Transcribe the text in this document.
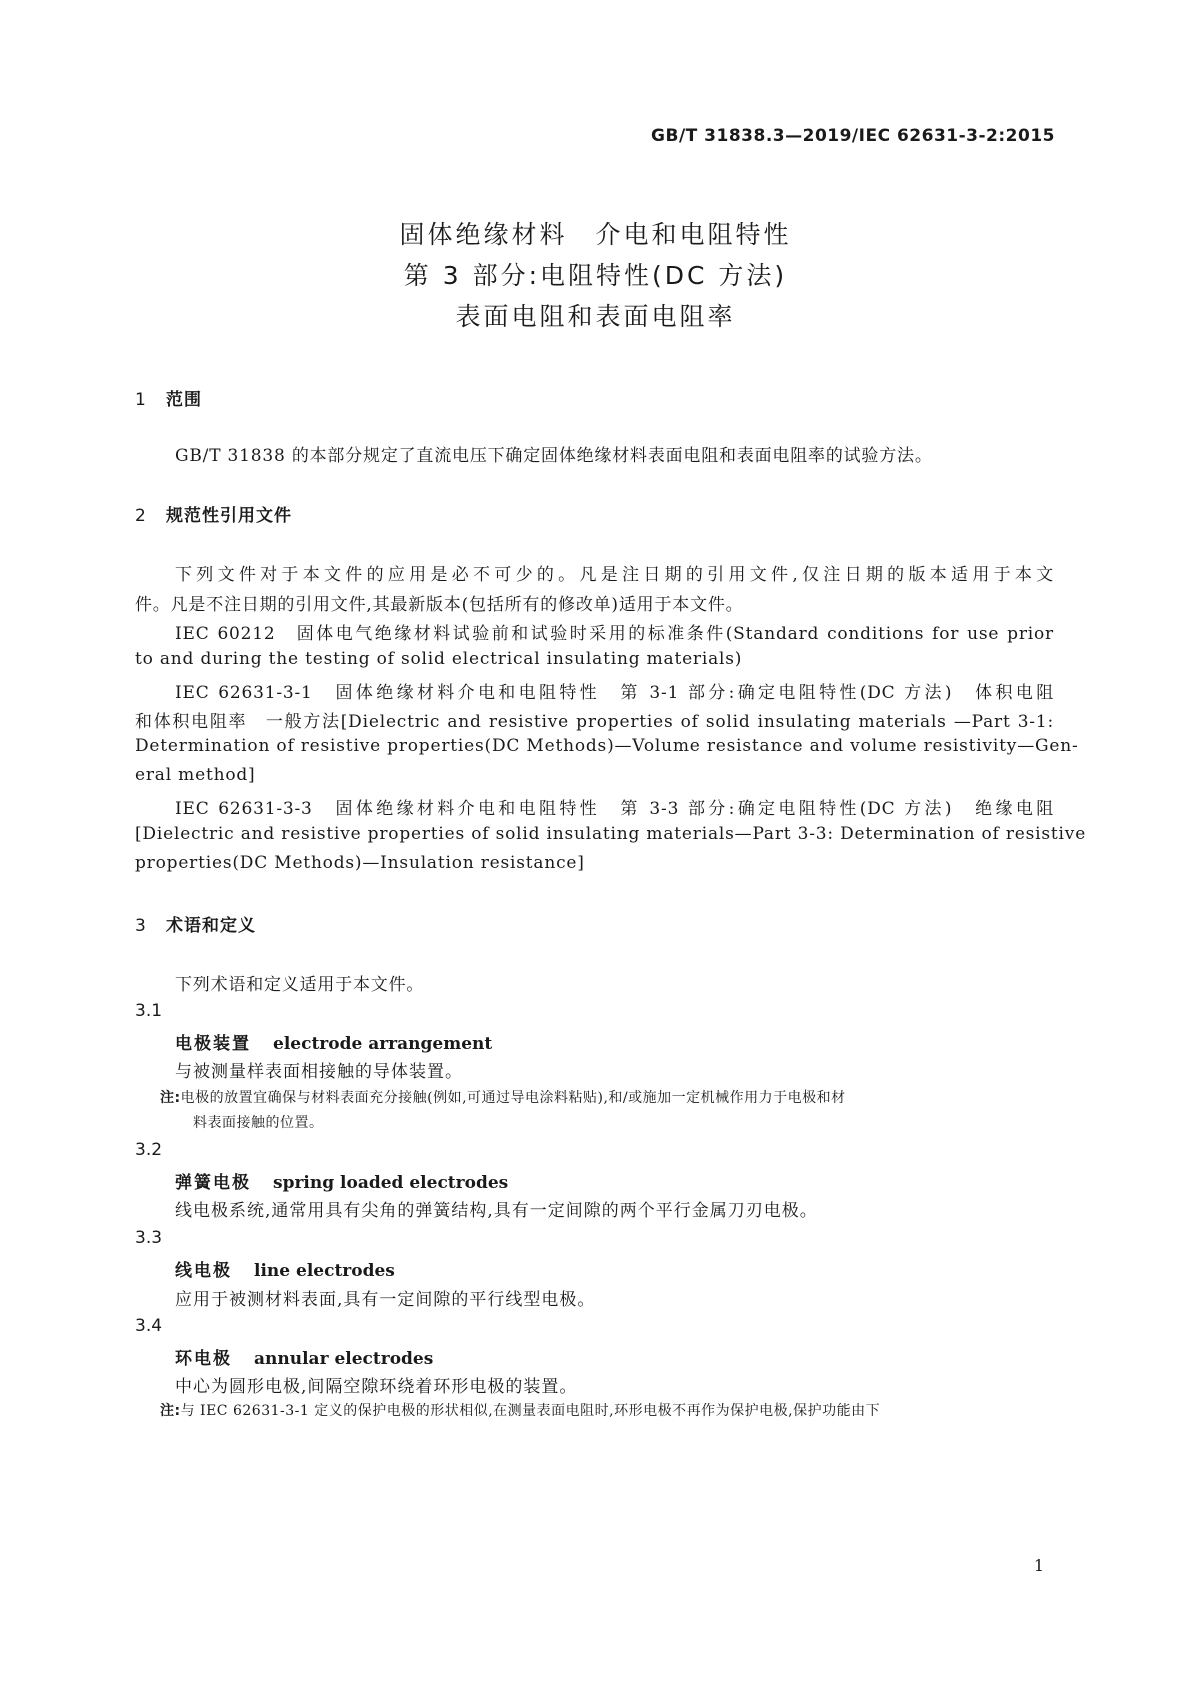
GB/T 31838.3—2019/IEC 62631-3-2:2015

固体绝缘材料　介电和电阻特性

第 3 部分:电阻特性(DC 方法)

表面电阻和表面电阻率

1 范围

GB/T 31838 的本部分规定了直流电压下确定固体绝缘材料表面电阻和表面电阻率的试验方法。

2 规范性引用文件

下列文件对于本文件的应用是必不可少的。凡是注日期的引用文件,仅注日期的版本适用于本文

件。凡是不注日期的引用文件,其最新版本(包括所有的修改单)适用于本文件。

IEC 60212　固体电气绝缘材料试验前和试验时采用的标准条件(Standard conditions for use prior

to and during the testing of solid electrical insulating materials)

IEC 62631-3-1　固体绝缘材料介电和电阻特性　第 3-1 部分:确定电阻特性(DC 方法)　体积电阻

和体积电阻率　一般方法[Dielectric and resistive properties of solid insulating materials —Part 3-1:

Determination of resistive properties(DC Methods)—Volume resistance and volume resistivity—Gen-

eral method]

IEC 62631-3-3　固体绝缘材料介电和电阻特性　第 3-3 部分:确定电阻特性(DC 方法)　绝缘电阻

[Dielectric and resistive properties of solid insulating materials—Part 3-3: Determination of resistive

properties(DC Methods)—Insulation resistance]

3 术语和定义

下列术语和定义适用于本文件。

3.1

电极装置 electrode arrangement

与被测量样表面相接触的导体装置。

注:电极的放置宜确保与材料表面充分接触(例如,可通过导电涂料粘贴),和/或施加一定机械作用力于电极和材

料表面接触的位置。

3.2

弹簧电极 spring loaded electrodes

线电极系统,通常用具有尖角的弹簧结构,具有一定间隙的两个平行金属刀刃电极。

3.3

线电极 line electrodes

应用于被测材料表面,具有一定间隙的平行线型电极。

3.4

环电极 annular electrodes

中心为圆形电极,间隔空隙环绕着环形电极的装置。

注:与 IEC 62631-3-1 定义的保护电极的形状相似,在测量表面电阻时,环形电极不再作为保护电极,保护功能由下

1
